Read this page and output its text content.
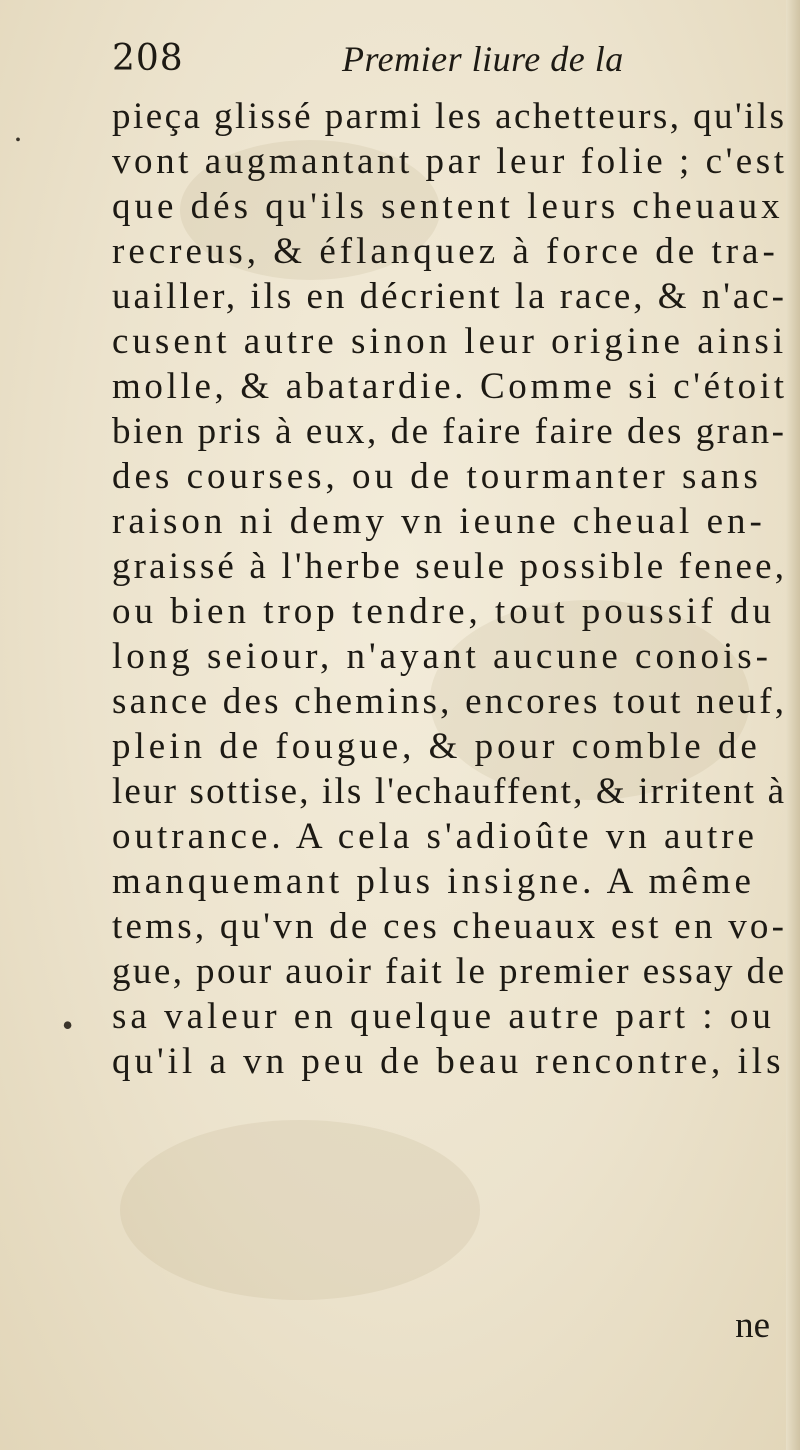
208	Premier liure de la
.
•
pieça glissé parmi les achetteurs, qu'ils
vont augmantant par leur folie ; c'est
que dés qu'ils sentent leurs cheuaux
recreus, & éflanquez à force de tra-
uailler, ils en décrient la race, & n'ac-
cusent autre sinon leur origine ainsi
molle, & abatardie. Comme si c'étoit
bien pris à eux, de faire faire des gran-
des courses, ou de tourmanter sans
raison ni demy vn ieune cheual en-
graissé à l'herbe seule possible fenee,
ou bien trop tendre, tout poussif du
long seiour, n'ayant aucune conois-
sance des chemins, encores tout neuf,
plein de fougue, & pour comble de
leur sottise, ils l'echauffent, & irritent à
outrance. A cela s'adioûte vn autre
manquemant plus insigne. A même
tems, qu'vn de ces cheuaux est en vo-
gue, pour auoir fait le premier essay de
sa valeur en quelque autre part : ou
qu'il a vn peu de beau rencontre, ils
ne
